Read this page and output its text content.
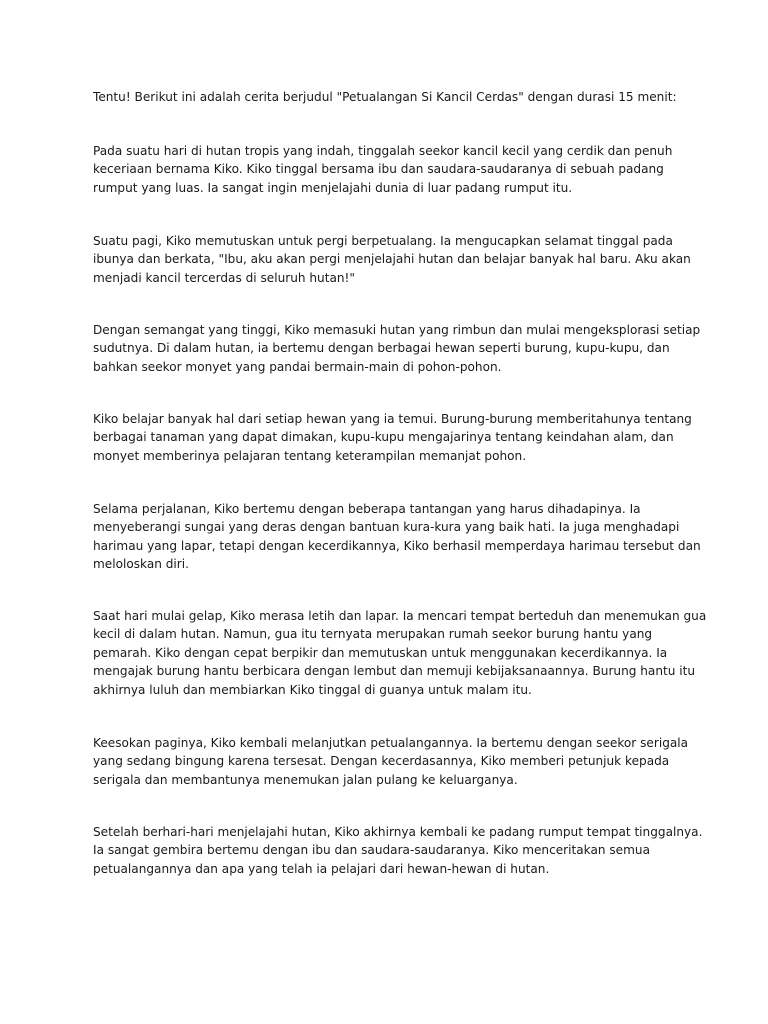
Tentu! Berikut ini adalah cerita berjudul "Petualangan Si Kancil Cerdas" dengan durasi 15 menit:

Pada suatu hari di hutan tropis yang indah, tinggalah seekor kancil kecil yang cerdik dan penuh
keceriaan bernama Kiko. Kiko tinggal bersama ibu dan saudara-saudaranya di sebuah padang
rumput yang luas. Ia sangat ingin menjelajahi dunia di luar padang rumput itu.

Suatu pagi, Kiko memutuskan untuk pergi berpetualang. Ia mengucapkan selamat tinggal pada
ibunya dan berkata, "Ibu, aku akan pergi menjelajahi hutan dan belajar banyak hal baru. Aku akan
menjadi kancil tercerdas di seluruh hutan!"

Dengan semangat yang tinggi, Kiko memasuki hutan yang rimbun dan mulai mengeksplorasi setiap
sudutnya. Di dalam hutan, ia bertemu dengan berbagai hewan seperti burung, kupu-kupu, dan
bahkan seekor monyet yang pandai bermain-main di pohon-pohon.

Kiko belajar banyak hal dari setiap hewan yang ia temui. Burung-burung memberitahunya tentang
berbagai tanaman yang dapat dimakan, kupu-kupu mengajarinya tentang keindahan alam, dan
monyet memberinya pelajaran tentang keterampilan memanjat pohon.

Selama perjalanan, Kiko bertemu dengan beberapa tantangan yang harus dihadapinya. Ia
menyeberangi sungai yang deras dengan bantuan kura-kura yang baik hati. Ia juga menghadapi
harimau yang lapar, tetapi dengan kecerdikannya, Kiko berhasil memperdaya harimau tersebut dan
meloloskan diri.

Saat hari mulai gelap, Kiko merasa letih dan lapar. Ia mencari tempat berteduh dan menemukan gua
kecil di dalam hutan. Namun, gua itu ternyata merupakan rumah seekor burung hantu yang
pemarah. Kiko dengan cepat berpikir dan memutuskan untuk menggunakan kecerdikannya. Ia
mengajak burung hantu berbicara dengan lembut dan memuji kebijaksanaannya. Burung hantu itu
akhirnya luluh dan membiarkan Kiko tinggal di guanya untuk malam itu.

Keesokan paginya, Kiko kembali melanjutkan petualangannya. Ia bertemu dengan seekor serigala
yang sedang bingung karena tersesat. Dengan kecerdasannya, Kiko memberi petunjuk kepada
serigala dan membantunya menemukan jalan pulang ke keluarganya.

Setelah berhari-hari menjelajahi hutan, Kiko akhirnya kembali ke padang rumput tempat tinggalnya.
Ia sangat gembira bertemu dengan ibu dan saudara-saudaranya. Kiko menceritakan semua
petualangannya dan apa yang telah ia pelajari dari hewan-hewan di hutan.
